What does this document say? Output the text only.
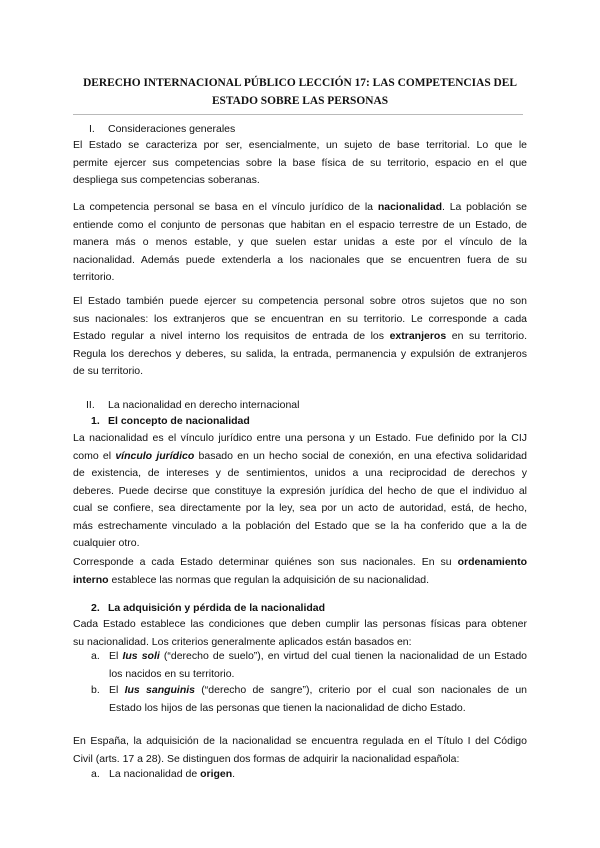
DERECHO INTERNACIONAL PÚBLICO LECCIÓN 17: LAS COMPETENCIAS DEL
ESTADO SOBRE LAS PERSONAS
I. Consideraciones generales
El Estado se caracteriza por ser, esencialmente, un sujeto de base territorial. Lo que le
permite ejercer sus competencias sobre la base física de su territorio, espacio en el que
despliega sus competencias soberanas.
La competencia personal se basa en el vínculo jurídico de la nacionalidad. La población se
entiende como el conjunto de personas que habitan en el espacio terrestre de un Estado, de
manera más o menos estable, y que suelen estar unidas a este por el vínculo de la
nacionalidad. Además puede extenderla a los nacionales que se encuentren fuera de su
territorio.
El Estado también puede ejercer su competencia personal sobre otros sujetos que no son
sus nacionales: los extranjeros que se encuentran en su territorio. Le corresponde a cada
Estado regular a nivel interno los requisitos de entrada de los extranjeros en su territorio.
Regula los derechos y deberes, su salida, la entrada, permanencia y expulsión de extranjeros
de su territorio.
II. La nacionalidad en derecho internacional
1. El concepto de nacionalidad
La nacionalidad es el vínculo jurídico entre una persona y un Estado. Fue definido por la CIJ
como el vínculo jurídico basado en un hecho social de conexión, en una efectiva solidaridad
de existencia, de intereses y de sentimientos, unidos a una reciprocidad de derechos y
deberes. Puede decirse que constituye la expresión jurídica del hecho de que el individuo al
cual se confiere, sea directamente por la ley, sea por un acto de autoridad, está, de hecho,
más estrechamente vinculado a la población del Estado que se la ha conferido que a la de
cualquier otro.
Corresponde a cada Estado determinar quiénes son sus nacionales. En su ordenamiento
interno establece las normas que regulan la adquisición de su nacionalidad.
2. La adquisición y pérdida de la nacionalidad
Cada Estado establece las condiciones que deben cumplir las personas físicas para obtener
su nacionalidad. Los criterios generalmente aplicados están basados en:
a. El Ius soli (“derecho de suelo”), en virtud del cual tienen la nacionalidad de un Estado
los nacidos en su territorio.
b. El Ius sanguinis (“derecho de sangre”), criterio por el cual son nacionales de un
Estado los hijos de las personas que tienen la nacionalidad de dicho Estado.
En España, la adquisición de la nacionalidad se encuentra regulada en el Título I del Código
Civil (arts. 17 a 28). Se distinguen dos formas de adquirir la nacionalidad española:
a. La nacionalidad de origen.
